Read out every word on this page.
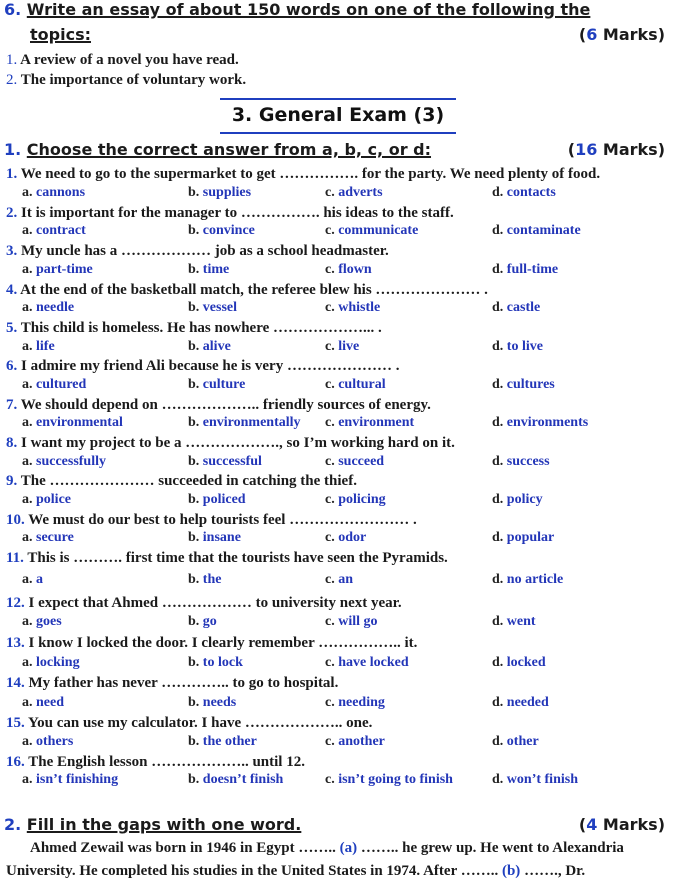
6. Write an essay of about 150 words on one of the following the
topics:	(6 Marks)
1. A review of a novel you have read.
2. The importance of voluntary work.
3. General Exam (3)
1. Choose the correct answer from a, b, c, or d:	(16 Marks)
1. We need to go to the supermarket to get ……………. for the party. We need plenty of food.
a. cannons	b. supplies	c. adverts	d. contacts
2. It is important for the manager to ……………. his ideas to the staff.
a. contract	b. convince	c. communicate	d. contaminate
3. My uncle has a ……………… job as a school headmaster.
a. part-time	b. time	c. flown	d. full-time
4. At the end of the basketball match, the referee blew his ………………… .
a. needle	b. vessel	c. whistle	d. castle
5. This child is homeless. He has nowhere ………………... .
a. life	b. alive	c. live	d. to live
6. I admire my friend Ali because he is very ………………… .
a. cultured	b. culture	c. cultural	d. cultures
7. We should depend on ……………….. friendly sources of energy.
a. environmental	b. environmentally c. environment	d. environments
8. I want my project to be a ………………., so I’m working hard on it.
a. successfully	b. successful	c. succeed	d. success
9. The ………………… succeeded in catching the thief.
a. police	b. policed	c. policing	d. policy
10. We must do our best to help tourists feel …………………… .
a. secure	b. insane	c. odor	d. popular
11. This is ………. first time that the tourists have seen the Pyramids.
a. a	b. the	c. an	d. no article
12. I expect that Ahmed ……………… to university next year.
a. goes	b. go	c. will go	d. went
13. I know I locked the door. I clearly remember …………….. it.
a. locking	b. to lock	c. have locked	d. locked
14. My father has never ………….. to go to hospital.
a. need	b. needs	c. needing	d. needed
15. You can use my calculator. I have ……………….. one.
a. others	b. the other	c. another	d. other
16. The English lesson ……………….. until 12.
a. isn’t finishing	b. doesn’t finish	c. isn’t going to finish	d. won’t finish
2. Fill in the gaps with one word.	(4 Marks)
Ahmed Zewail was born in 1946 in Egypt …….. (a) …….. he grew up. He went to Alexandria
University. He completed his studies in the United States in 1974. After …….. (b) ……., Dr.
